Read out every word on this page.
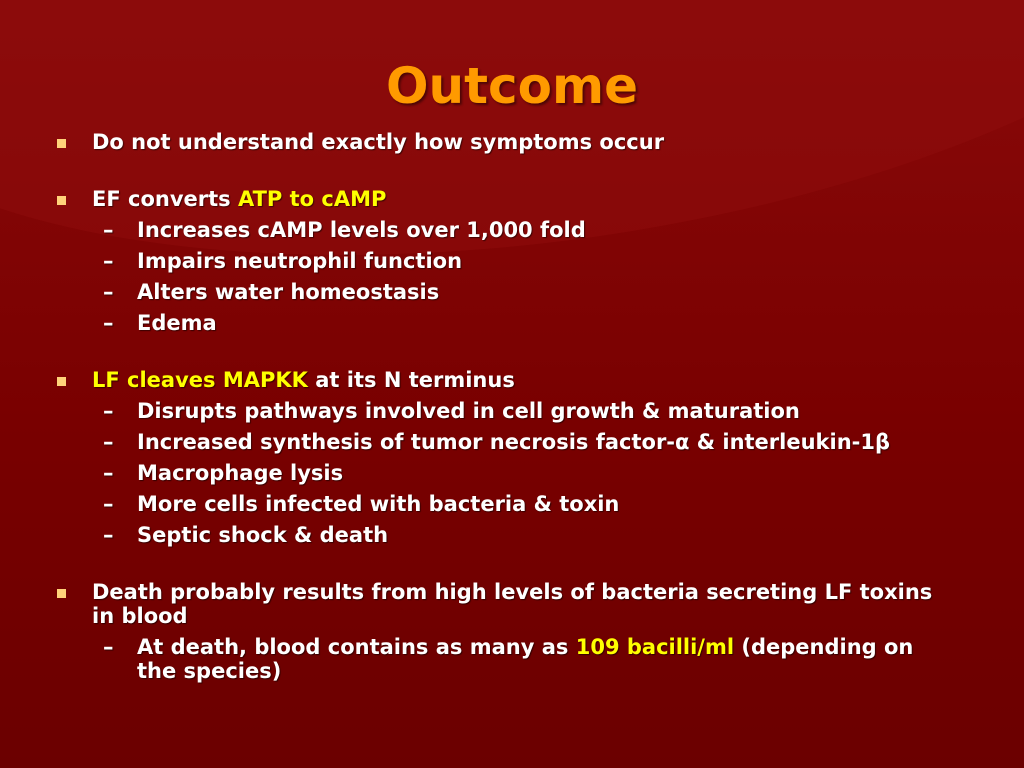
Outcome
Do not understand exactly how symptoms occur
EF converts ATP to cAMP
– Increases cAMP levels over 1,000 fold
– Impairs neutrophil function
– Alters water homeostasis
– Edema
LF cleaves MAPKK at its N terminus
– Disrupts pathways involved in cell growth & maturation
– Increased synthesis of tumor necrosis factor-α & interleukin-1β
– Macrophage lysis
– More cells infected with bacteria & toxin
– Septic shock & death
Death probably results from high levels of bacteria secreting LF toxins in blood
– At death, blood contains as many as 109 bacilli/ml (depending on the species)
